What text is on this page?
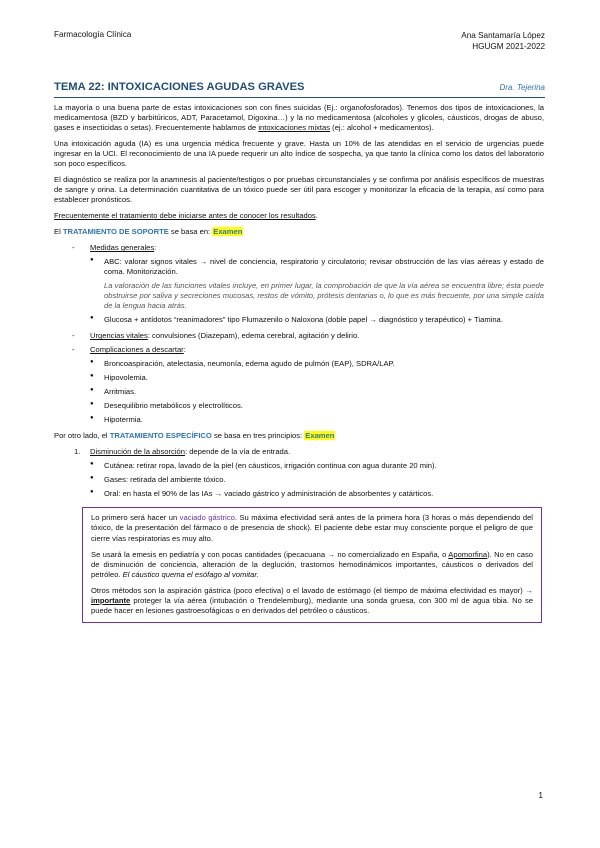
Farmacología Clínica	Ana Santamaría López
HGUGM 2021-2022
TEMA 22: INTOXICACIONES AGUDAS GRAVES	Dra. Tejerina

La mayoría o una buena parte de estas intoxicaciones son con fines suicidas (Ej.: organofosforados). Tenemos dos tipos de intoxicaciones, la medicamentosa (BZD y barbitúricos, ADT, Paracetamol, Digoxina…) y la no medicamentosa (alcoholes y glicoles, cáusticos, drogas de abuso, gases e insecticidas o setas). Frecuentemente hablamos de intoxicaciones mixtas (ej.: alcohol + medicamentos).

Una intoxicación aguda (IA) es una urgencia médica frecuente y grave. Hasta un 10% de las atendidas en el servicio de urgencias puede ingresar en la UCI. El reconocimiento de una IA puede requerir un alto índice de sospecha, ya que tanto la clínica como los datos del laboratorio son poco específicos.

El diagnóstico se realiza por la anamnesis al paciente/testigos o por pruebas circunstanciales y se confirma por análisis específicos de muestras de sangre y orina. La determinación cuantitativa de un tóxico puede ser útil para escoger y monitorizar la eficacia de la terapia, así como para establecer pronósticos.

Frecuentemente el tratamiento debe iniciarse antes de conocer los resultados.

El TRATAMIENTO DE SOPORTE se basa en: Examen

- Medidas generales:
● ABC: valorar signos vitales → nivel de conciencia, respiratorio y circulatorio; revisar obstrucción de las vías aéreas y estado de coma. Monitorización.
La valoración de las funciones vitales incluye, en primer lugar, la comprobación de que la vía aérea se encuentra libre; ésta puede obstruirse por saliva y secreciones mucosas, restos de vómito, prótesis dentarias o, lo que es más frecuente, por una simple caída de la lengua hacia atrás.
● Glucosa + antídotos “reanimadores” tipo Flumazenilo o Naloxona (doble papel → diagnóstico y terapéutico) + Tiamina.
- Urgencias vitales: convulsiones (Diazepam), edema cerebral, agitación y delirio.
- Complicaciones a descartar:
● Broncoaspiración, atelectasia, neumonía, edema agudo de pulmón (EAP), SDRA/LAP.
● Hipovolemia.
● Arritmias.
● Desequilibrio metabólicos y electrolíticos.
● Hipotermia.

Por otro lado, el TRATAMIENTO ESPECÍFICO se basa en tres principios: Examen

1. Disminución de la absorción: depende de la vía de entrada.
● Cutánea: retirar ropa, lavado de la piel (en cáusticos, irrigación continua con agua durante 20 min).
● Gases: retirada del ambiente tóxico.
● Oral: en hasta el 90% de las IAs → vaciado gástrico y administración de absorbentes y catárticos.

Lo primero será hacer un vaciado gástrico. Su máxima efectividad será antes de la primera hora (3 horas o más dependiendo del tóxico, de la presentación del fármaco o de presencia de shock). El paciente debe estar muy consciente porque el peligro de que cierre vías respiratorias es muy alto.

Se usará la emesis en pediatría y con pocas cantidades (ipecacuana → no comercializado en España, o Apomorfina). No en caso de disminución de conciencia, alteración de la deglución, trastornos hemodinámicos importantes, cáusticos o derivados del petróleo. El cáustico quema el esófago al vomitar.

Otros métodos son la aspiración gástrica (poco efectiva) o el lavado de estómago (el tiempo de máxima efectividad es mayor) → importante proteger la vía aérea (intubación o Trendelemburg), mediante una sonda gruesa, con 300 ml de agua tibia. No se puede hacer en lesiones gastroesofágicas o en derivados del petróleo o cáusticos.

1
